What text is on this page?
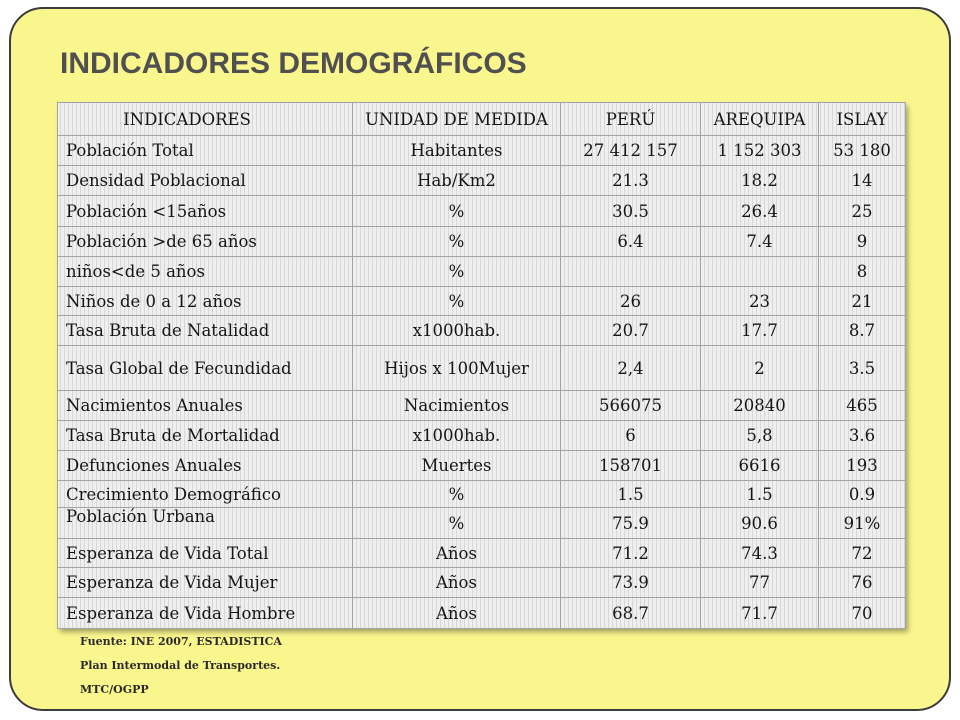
INDICADORES DEMOGRÁFICOS
INDICADORES	UNIDAD DE MEDIDA	PERÚ	AREQUIPA	ISLAY
Población Total	Habitantes	27 412 157	1 152 303	53 180
Densidad Poblacional	Hab/Km2	21.3	18.2	14
Población <15años	%	30.5	26.4	25
Población >de 65 años	%	6.4	7.4	9
niños<de 5 años	%			8
Niños de 0 a 12 años	%	26	23	21
Tasa Bruta de Natalidad	x1000hab.	20.7	17.7	8.7
Tasa Global de Fecundidad	Hijos x 100Mujer	2,4	2	3.5
Nacimientos Anuales	Nacimientos	566075	20840	465
Tasa Bruta de Mortalidad	x1000hab.	6	5,8	3.6
Defunciones Anuales	Muertes	158701	6616	193
Crecimiento Demográfico	%	1.5	1.5	0.9
Población Urbana	%	75.9	90.6	91%
Esperanza de Vida Total	Años	71.2	74.3	72
Esperanza de Vida Mujer	Años	73.9	77	76
Esperanza de Vida Hombre	Años	68.7	71.7	70
Fuente: INE 2007, ESTADISTICA
Plan Intermodal de Transportes.
MTC/OGPP
